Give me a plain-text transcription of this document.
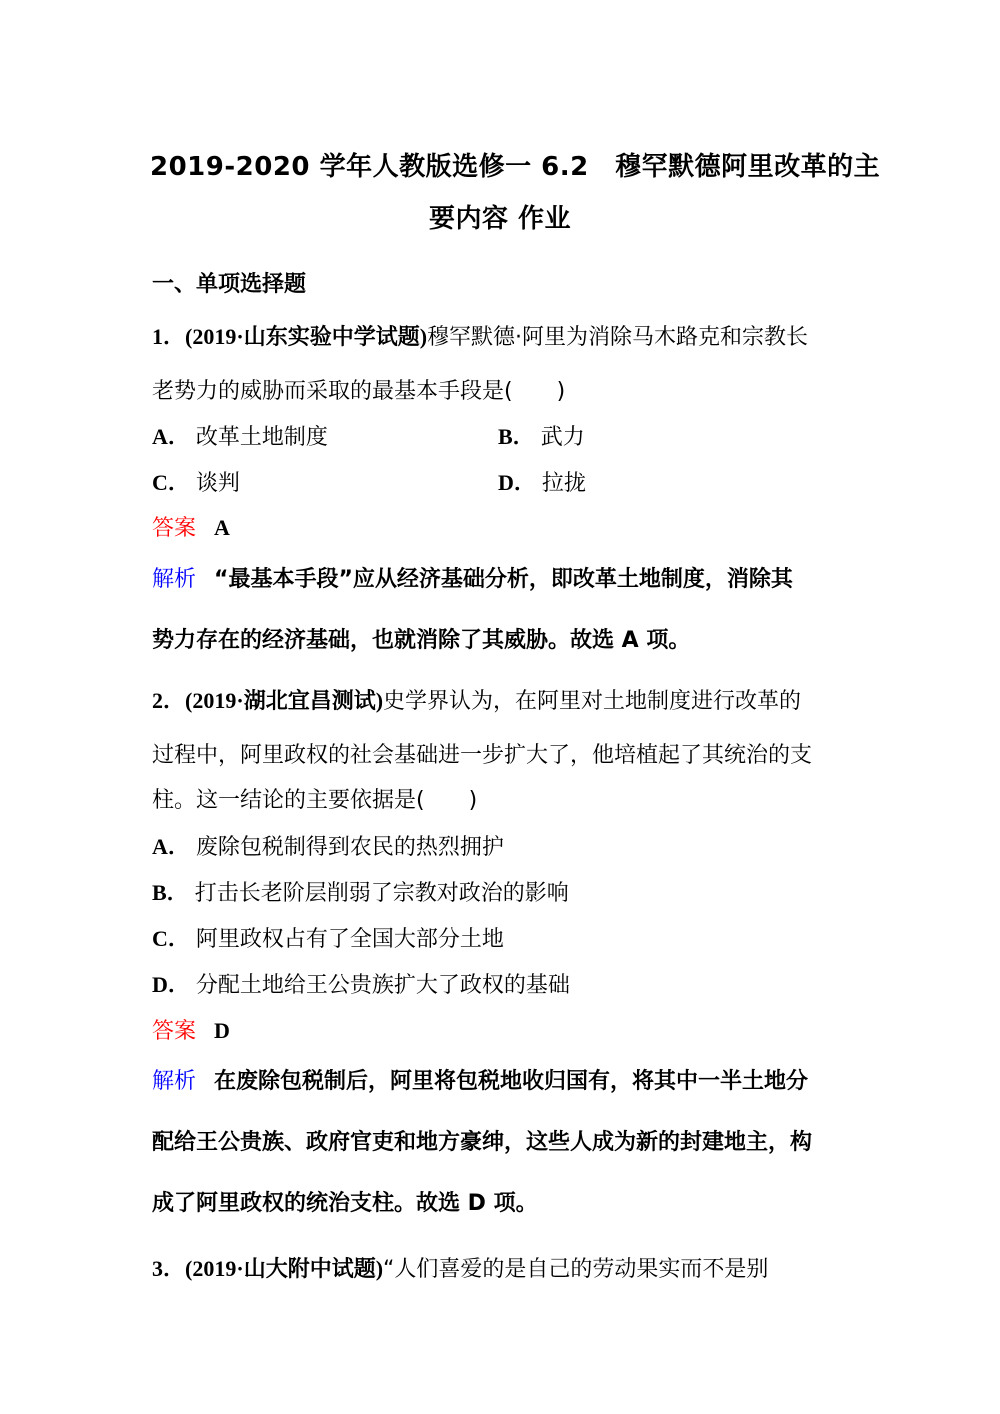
2019-2020 学年人教版选修一 6.2　穆罕默德阿里改革的主
要内容 作业
一、单项选择题
1．(2019·山东实验中学试题)穆罕默德·阿里为消除马木路克和宗教长
老势力的威胁而采取的最基本手段是(　　)
A． 改革土地制度	B． 武力
C． 谈判	D． 拉拢
答案 A
解析 “最基本手段”应从经济基础分析，即改革土地制度，消除其
势力存在的经济基础，也就消除了其威胁。故选 A 项。
2．(2019·湖北宜昌测试)史学界认为，在阿里对土地制度进行改革的
过程中，阿里政权的社会基础进一步扩大了，他培植起了其统治的支
柱。这一结论的主要依据是(　　)
A． 废除包税制得到农民的热烈拥护
B． 打击长老阶层削弱了宗教对政治的影响
C． 阿里政权占有了全国大部分土地
D． 分配土地给王公贵族扩大了政权的基础
答案 D
解析 在废除包税制后，阿里将包税地收归国有，将其中一半土地分
配给王公贵族、政府官吏和地方豪绅，这些人成为新的封建地主，构
成了阿里政权的统治支柱。故选 D 项。
3．(2019·山大附中试题)“人们喜爱的是自己的劳动果实而不是别
